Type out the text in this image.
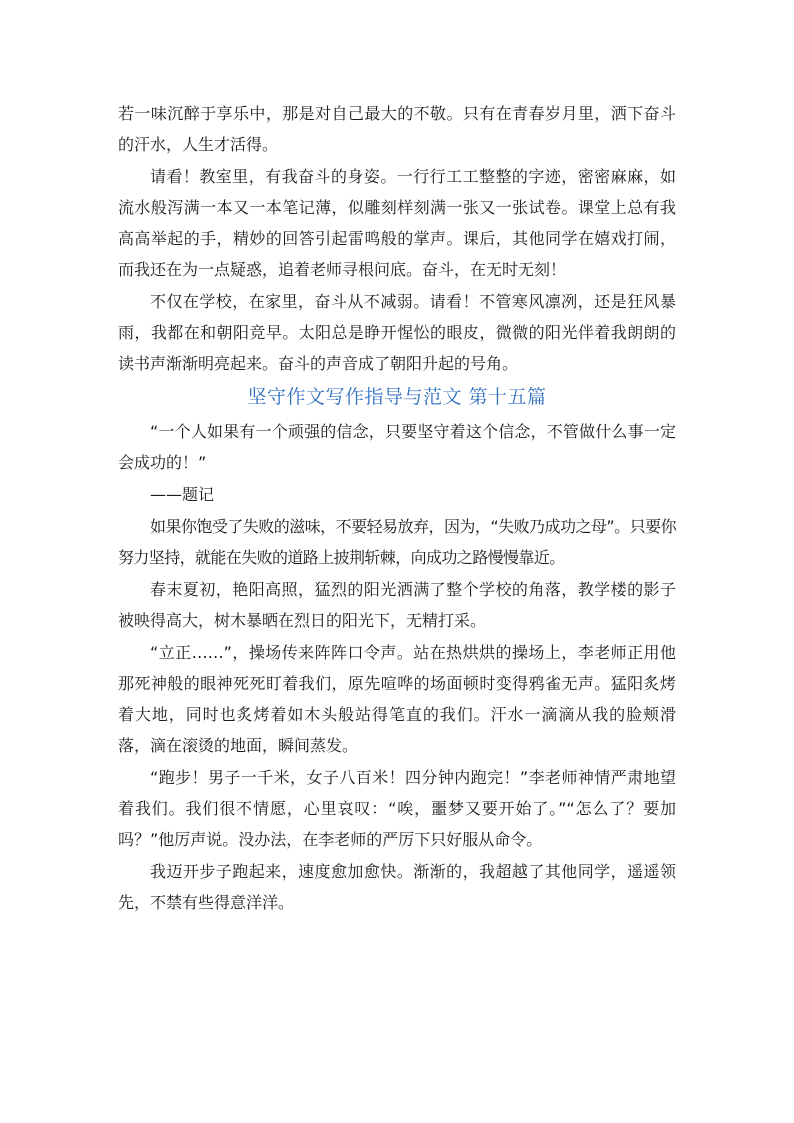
若一味沉醉于享乐中，那是对自己最大的不敬。只有在青春岁月里，洒下奋斗的汗水，人生才活得。

请看！教室里，有我奋斗的身姿。一行行工工整整的字迹，密密麻麻，如流水般泻满一本又一本笔记薄，似雕刻样刻满一张又一张试卷。课堂上总有我高高举起的手，精妙的回答引起雷鸣般的掌声。课后，其他同学在嬉戏打闹，而我还在为一点疑惑，追着老师寻根问底。奋斗，在无时无刻！

不仅在学校，在家里，奋斗从不减弱。请看！不管寒风凛冽，还是狂风暴雨，我都在和朝阳竞早。太阳总是睁开惺忪的眼皮，微微的阳光伴着我朗朗的读书声渐渐明亮起来。奋斗的声音成了朝阳升起的号角。

坚守作文写作指导与范文 第十五篇

“一个人如果有一个顽强的信念，只要坚守着这个信念，不管做什么事一定会成功的！”

——题记

如果你饱受了失败的滋味，不要轻易放弃，因为，“失败乃成功之母”。只要你努力坚持，就能在失败的道路上披荆斩棘，向成功之路慢慢靠近。

春末夏初，艳阳高照，猛烈的阳光洒满了整个学校的角落，教学楼的影子被映得高大，树木暴晒在烈日的阳光下，无精打采。

“立正……”，操场传来阵阵口令声。站在热烘烘的操场上，李老师正用他那死神般的眼神死死盯着我们，原先喧哗的场面顿时变得鸦雀无声。猛阳炙烤着大地，同时也炙烤着如木头般站得笔直的我们。汗水一滴滴从我的脸颊滑落，滴在滚烫的地面，瞬间蒸发。

“跑步！男子一千米，女子八百米！四分钟内跑完！”李老师神情严肃地望着我们。我们很不情愿，心里哀叹：“唉，噩梦又要开始了。”“怎么了？要加吗？”他厉声说。没办法，在李老师的严厉下只好服从命令。

我迈开步子跑起来，速度愈加愈快。渐渐的，我超越了其他同学，遥遥领先，不禁有些得意洋洋。
